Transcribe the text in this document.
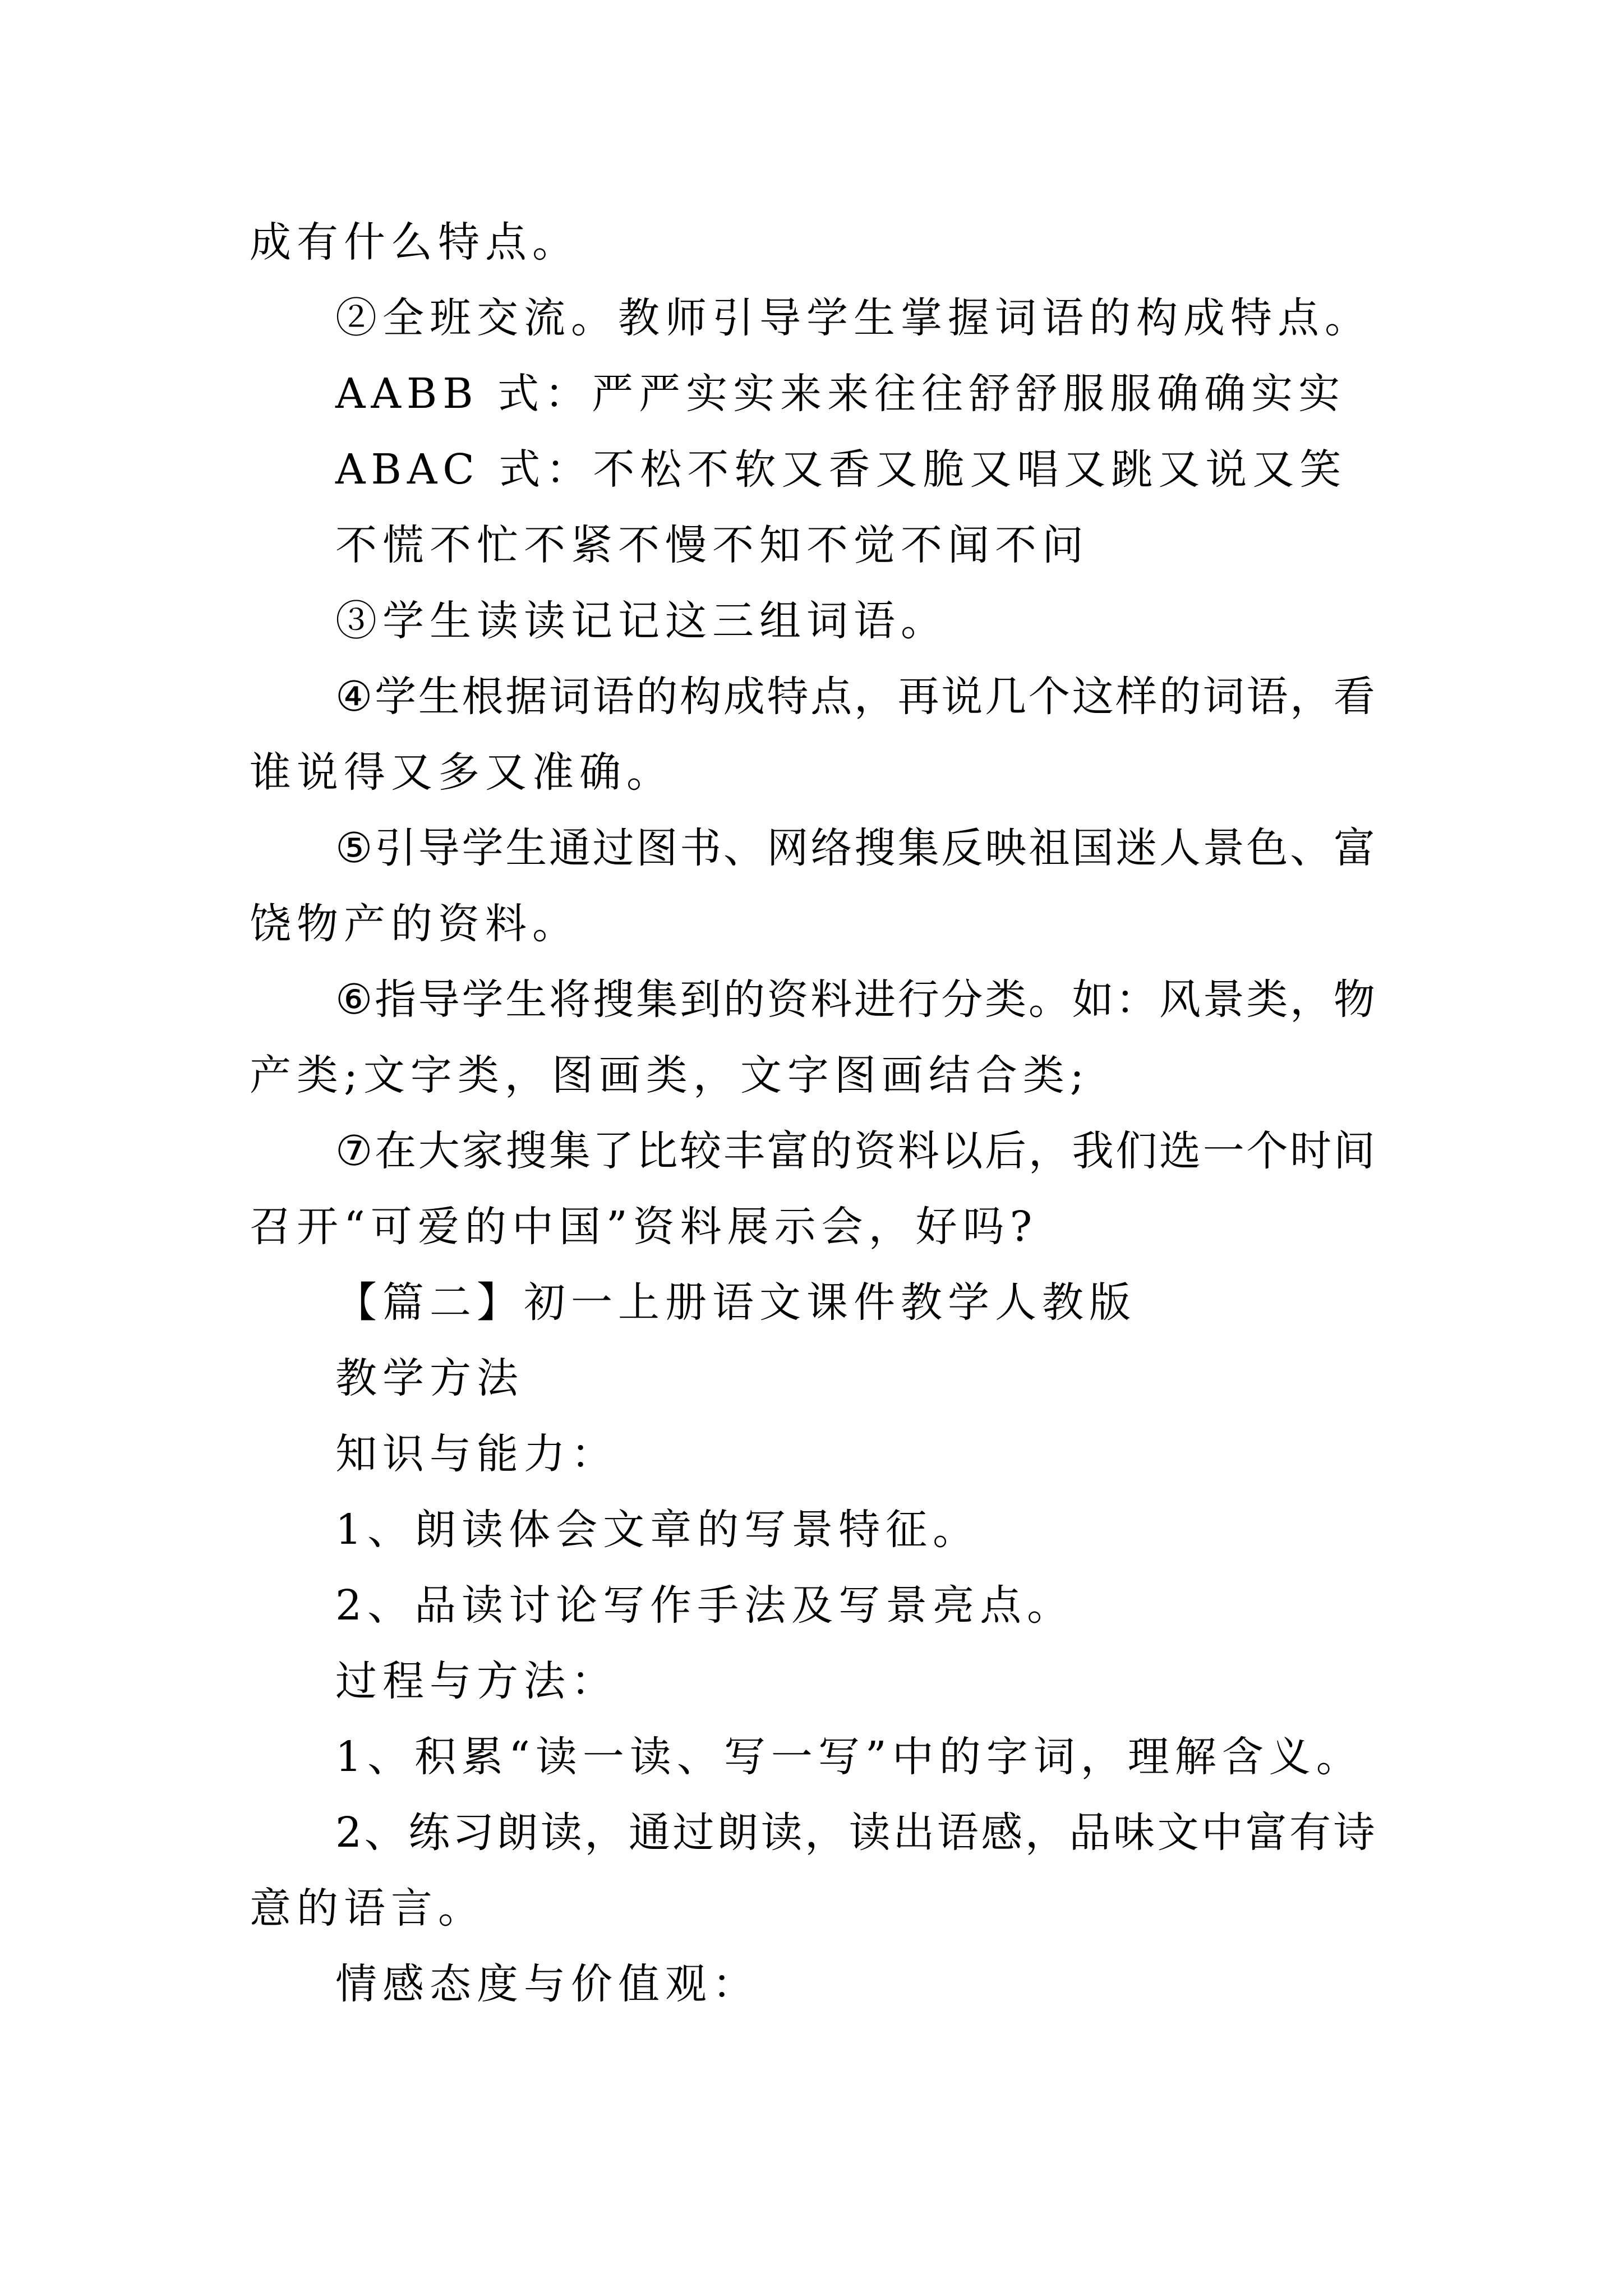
成有什么特点。
②全班交流。教师引导学生掌握词语的构成特点。
AABB 式：严严实实来来往往舒舒服服确确实实
ABAC 式：不松不软又香又脆又唱又跳又说又笑
不慌不忙不紧不慢不知不觉不闻不问
③学生读读记记这三组词语。
④ 学 生 根 据 词 语 的 构 成 特 点 ， 再 说 几 个 这 样 的 词 语 ， 看
谁说得又多又准确。
⑤ 引 导 学 生 通 过 图 书 、 网 络 搜 集 反 映 祖 国 迷 人 景 色 、 富
饶物产的资料。
⑥ 指 导 学 生 将 搜 集 到 的 资 料 进 行 分 类 。 如 ： 风 景 类 ， 物
产类;文字类，图画类，文字图画结合类;
⑦ 在 大 家 搜 集 了 比 较 丰 富 的 资 料 以 后 ， 我 们 选 一 个 时 间
召开“可爱的中国”资料展示会，好吗?
【篇二】初一上册语文课件教学人教版
教学方法
知识与能力：
1、朗读体会文章的写景特征。
2、品读讨论写作手法及写景亮点。
过程与方法：
1、积累“读一读、写一写”中的字词，理解含义。
2 、 练 习 朗 读 ， 通 过 朗 读 ， 读 出 语 感 ， 品 味 文 中 富 有 诗
意的语言。
情感态度与价值观：
